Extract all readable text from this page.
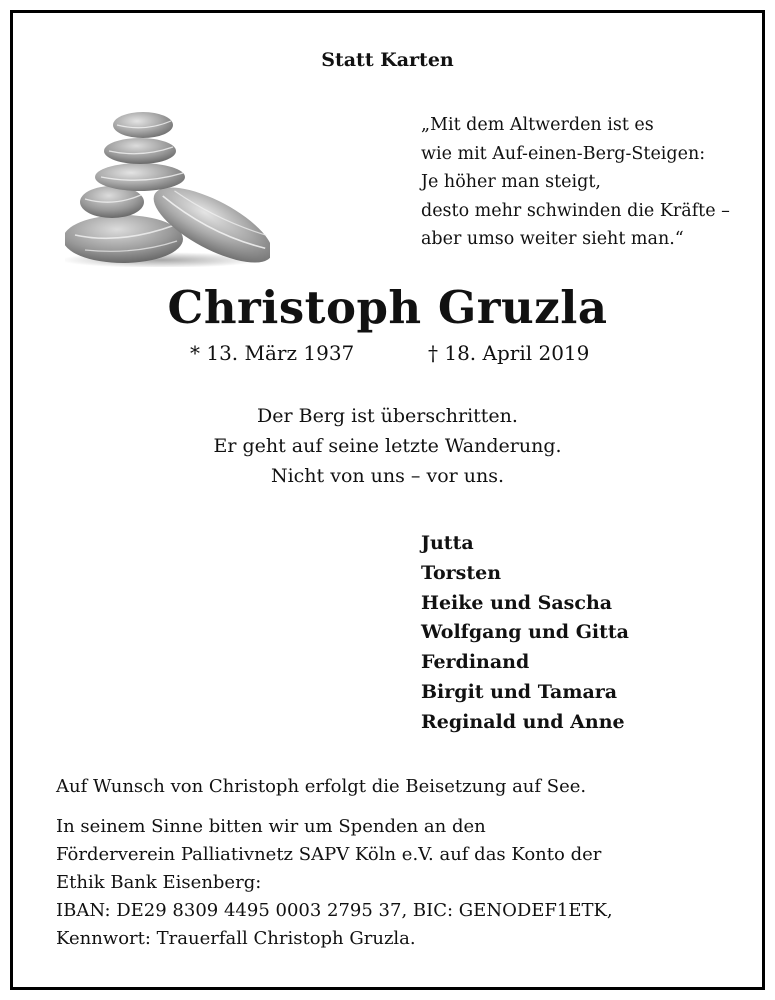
Statt Karten
„Mit dem Altwerden ist es
wie mit Auf-einen-Berg-Steigen:
Je höher man steigt,
desto mehr schwinden die Kräfte –
aber umso weiter sieht man.“
Christoph Gruzla
* 13. März 1937	† 18. April 2019
Der Berg ist überschritten.
Er geht auf seine letzte Wanderung.
Nicht von uns – vor uns.
Jutta
Torsten
Heike und Sascha
Wolfgang und Gitta
Ferdinand
Birgit und Tamara
Reginald und Anne
Auf Wunsch von Christoph erfolgt die Beisetzung auf See.
In seinem Sinne bitten wir um Spenden an den
Förderverein Palliativnetz SAPV Köln e.V. auf das Konto der
Ethik Bank Eisenberg:
IBAN: DE29 8309 4495 0003 2795 37, BIC: GENODEF1ETK,
Kennwort: Trauerfall Christoph Gruzla.
